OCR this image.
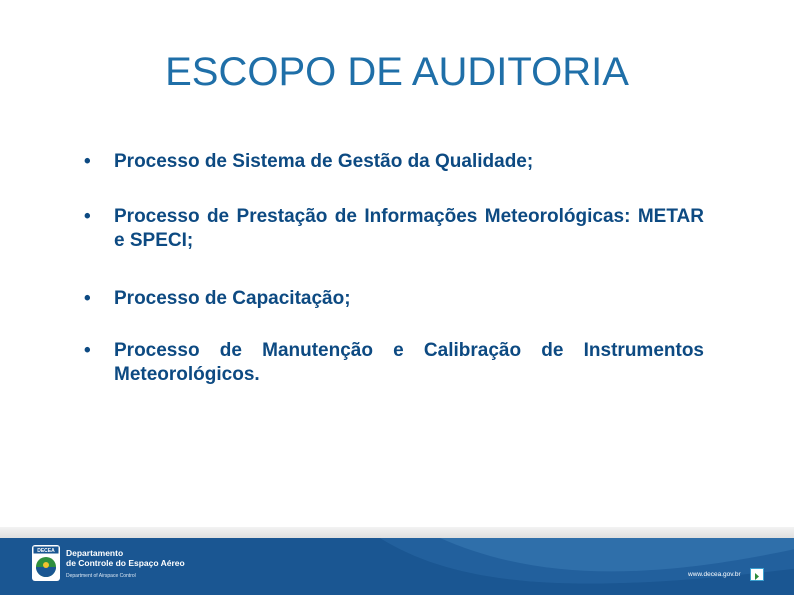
ESCOPO DE AUDITORIA
• Processo de Sistema de Gestão da Qualidade;
• Processo de Prestação de Informações Meteorológicas: METAR e SPECI;
• Processo de Capacitação;
• Processo de Manutenção e Calibração de Instrumentos Meteorológicos.
DECEA Departamento
de Controle do Espaço Aéreo
Department of Airspace Control	www.decea.gov.br
